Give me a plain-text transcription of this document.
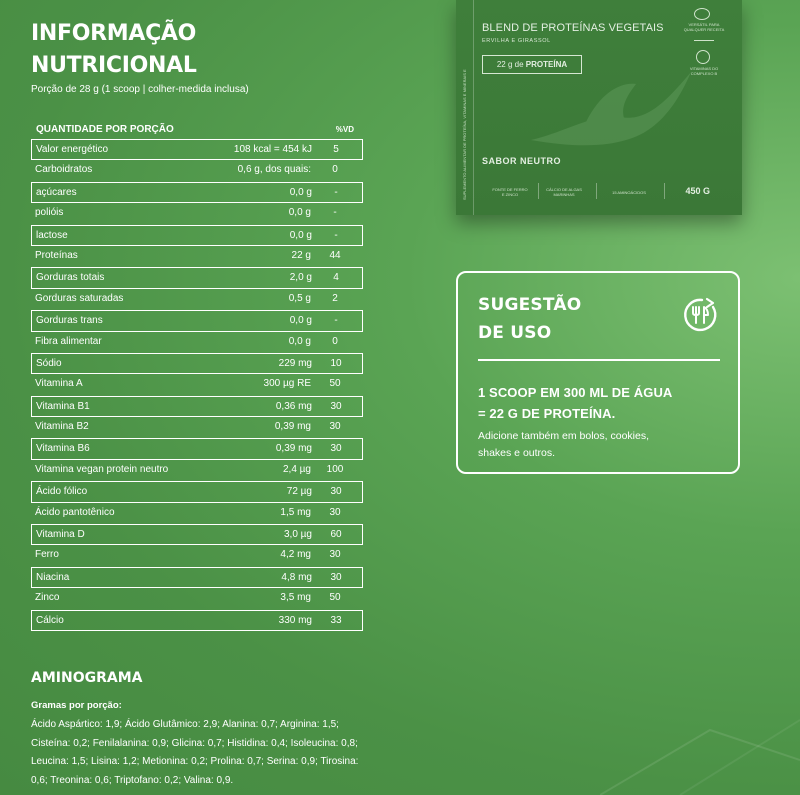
INFORMAÇÃO
NUTRICIONAL
Porção de 28 g (1 scoop | colher-medida inclusa)
QUANTIDADE POR PORÇÃO	%VD
Valor energético	108 kcal = 454 kJ	5
Carboidratos	0,6 g, dos quais:	0
açúcares	0,0 g	-
polióis	0,0 g	-
lactose	0,0 g	-
Proteínas	22 g	44
Gorduras totais	2,0 g	4
Gorduras saturadas	0,5 g	2
Gorduras trans	0,0 g	-
Fibra alimentar	0,0 g	0
Sódio	229 mg	10
Vitamina A	300 µg RE	50
Vitamina B1	0,36 mg	30
Vitamina B2	0,39 mg	30
Vitamina B6	0,39 mg	30
Vitamina vegan protein neutro	2,4 µg	100
Ácido fólico	72 µg	30
Ácido pantotênico	1,5 mg	30
Vitamina D	3,0 µg	60
Ferro	4,2 mg	30
Niacina	4,8 mg	30
Zinco	3,5 mg	50
Cálcio	330 mg	33
SUPLEMENTO ALIMENTAR DE PROTEÍNA, VITAMINAS E MINERAIS E
BLEND DE PROTEÍNAS VEGETAIS
ERVILHA E GIRASSOL
22 g de PROTEÍNA
SABOR NEUTRO
VERSÁTIL PARA QUALQUER RECEITA
VITAMINAS DO COMPLEXO B
FONTE DE FERRO E ZINCO
CÁLCIO DE ALGAS MARINHAS	15 AMINOÁCIDOS	450 G
SUGESTÃO
DE USO
1 SCOOP EM 300 ML DE ÁGUA
= 22 G DE PROTEÍNA.
Adicione também em bolos, cookies, shakes e outros.
AMINOGRAMA
Gramas por porção:
Ácido Aspártico: 1,9; Ácido Glutâmico: 2,9; Alanina: 0,7; Arginina: 1,5; Cisteína: 0,2; Fenilalanina: 0,9; Glicina: 0,7; Histidina: 0,4; Isoleucina: 0,8; Leucina: 1,5; Lisina: 1,2; Metionina: 0,2; Prolina: 0,7; Serina: 0,9; Tirosina: 0,6; Treonina: 0,6; Triptofano: 0,2; Valina: 0,9.
